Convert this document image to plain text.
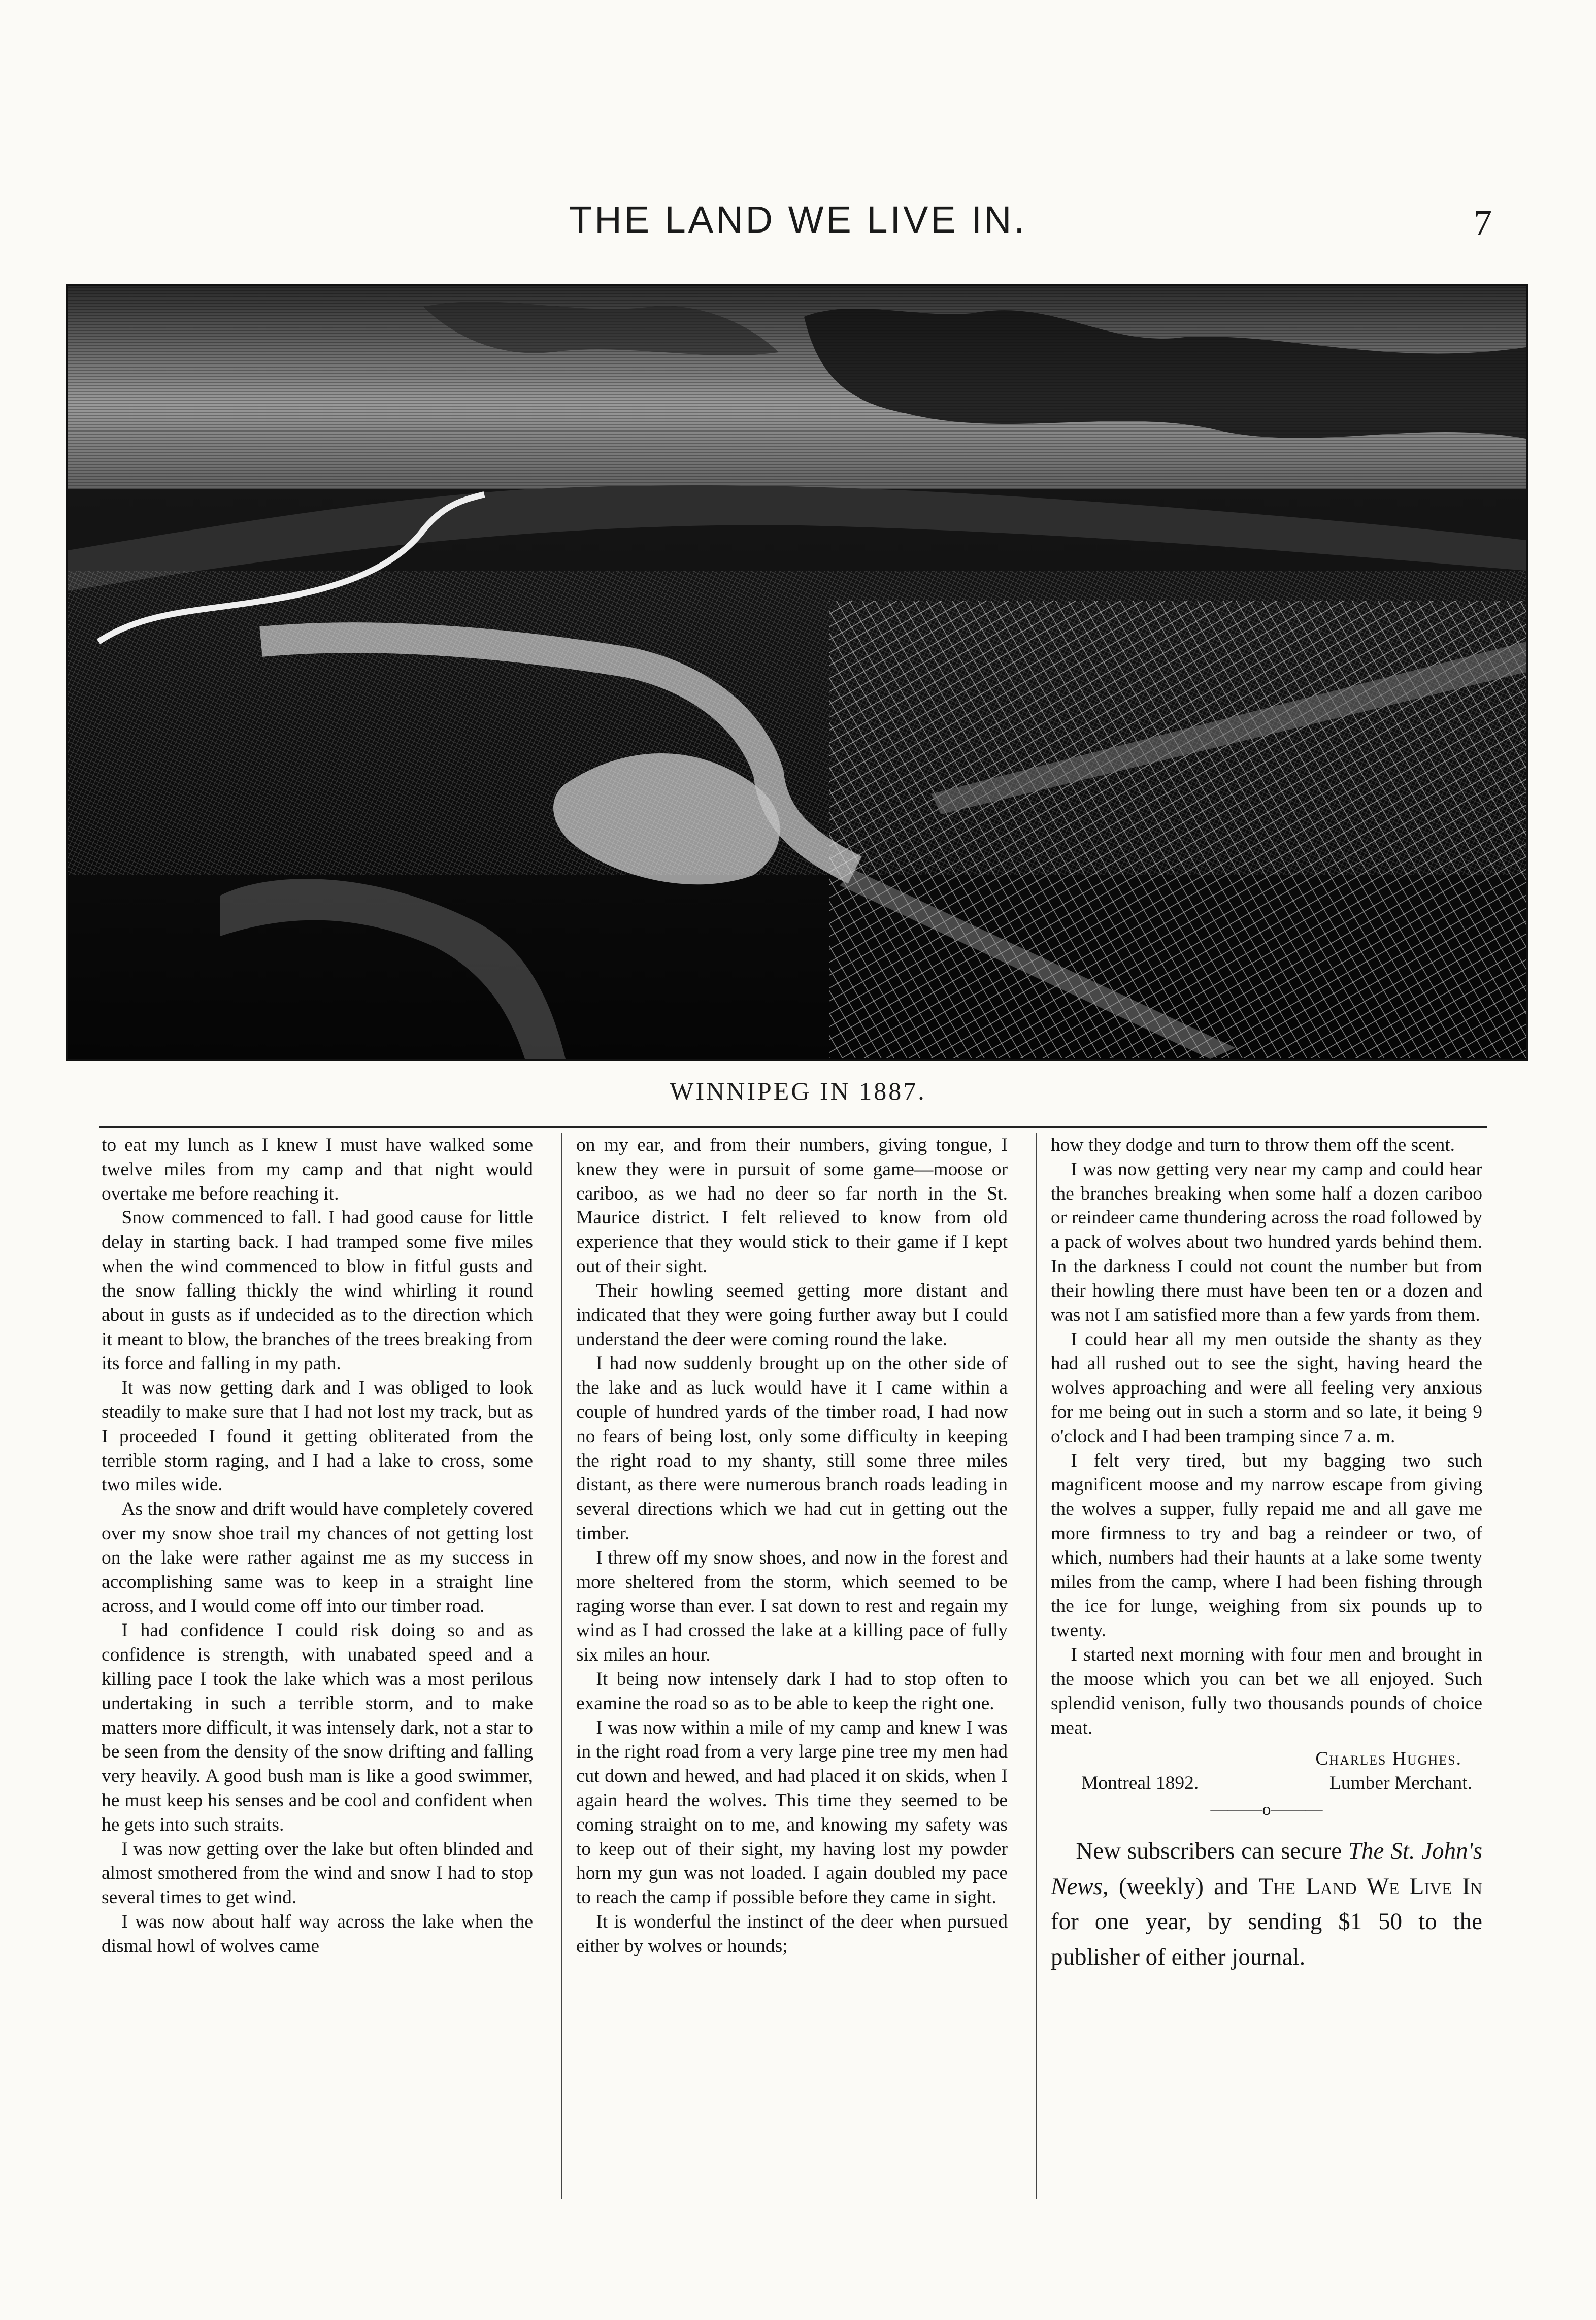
THE LAND WE LIVE IN.	7
WINNIPEG IN 1887.

to eat my lunch as I knew I must have walked some twelve miles from my camp and that night would overtake me before reaching it.

Snow commenced to fall. I had good cause for little delay in starting back. I had tramped some five miles when the wind commenced to blow in fitful gusts and the snow falling thickly the wind whirling it round about in gusts as if undecided as to the direction which it meant to blow, the branches of the trees breaking from its force and falling in my path.

It was now getting dark and I was obliged to look steadily to make sure that I had not lost my track, but as I proceeded I found it getting obliterated from the terrible storm raging, and I had a lake to cross, some two miles wide.

As the snow and drift would have completely covered over my snow shoe trail my chances of not getting lost on the lake were rather against me as my success in accomplishing same was to keep in a straight line across, and I would come off into our timber road.

I had confidence I could risk doing so and as confidence is strength, with unabated speed and a killing pace I took the lake which was a most perilous undertaking in such a terrible storm, and to make matters more difficult, it was intensely dark, not a star to be seen from the density of the snow drifting and falling very heavily. A good bush man is like a good swimmer, he must keep his senses and be cool and confident when he gets into such straits.

I was now getting over the lake but often blinded and almost smothered from the wind and snow I had to stop several times to get wind.

I was now about half way across the lake when the dismal howl of wolves came

on my ear, and from their numbers, giving tongue, I knew they were in pursuit of some game—moose or cariboo, as we had no deer so far north in the St. Maurice district. I felt relieved to know from old experience that they would stick to their game if I kept out of their sight.

Their howling seemed getting more distant and indicated that they were going further away but I could understand the deer were coming round the lake.

I had now suddenly brought up on the other side of the lake and as luck would have it I came within a couple of hundred yards of the timber road, I had now no fears of being lost, only some difficulty in keeping the right road to my shanty, still some three miles distant, as there were numerous branch roads leading in several directions which we had cut in getting out the timber.

I threw off my snow shoes, and now in the forest and more sheltered from the storm, which seemed to be raging worse than ever. I sat down to rest and regain my wind as I had crossed the lake at a killing pace of fully six miles an hour.

It being now intensely dark I had to stop often to examine the road so as to be able to keep the right one.

I was now within a mile of my camp and knew I was in the right road from a very large pine tree my men had cut down and hewed, and had placed it on skids, when I again heard the wolves. This time they seemed to be coming straight on to me, and knowing my safety was to keep out of their sight, my having lost my powder horn my gun was not loaded. I again doubled my pace to reach the camp if possible before they came in sight.

It is wonderful the instinct of the deer when pursued either by wolves or hounds;

how they dodge and turn to throw them off the scent.

I was now getting very near my camp and could hear the branches breaking when some half a dozen cariboo or reindeer came thundering across the road followed by a pack of wolves about two hundred yards behind them. In the darkness I could not count the number but from their howling there must have been ten or a dozen and was not I am satisfied more than a few yards from them.

I could hear all my men outside the shanty as they had all rushed out to see the sight, having heard the wolves approaching and were all feeling very anxious for me being out in such a storm and so late, it being 9 o'clock and I had been tramping since 7 a. m.

I felt very tired, but my bagging two such magnificent moose and my narrow escape from giving the wolves a supper, fully repaid me and all gave me more firmness to try and bag a reindeer or two, of which, numbers had their haunts at a lake some twenty miles from the camp, where I had been fishing through the ice for lunge, weighing from six pounds up to twenty.

I started next morning with four men and brought in the moose which you can bet we all enjoyed. Such splendid venison, fully two thousands pounds of choice meat.

Charles Hughes.
Montreal 1892.	Lumber Merchant.
———o———

New subscribers can secure The St. John's News, (weekly) and The Land We Live In for one year, by sending $1 50 to the publisher of either journal.
